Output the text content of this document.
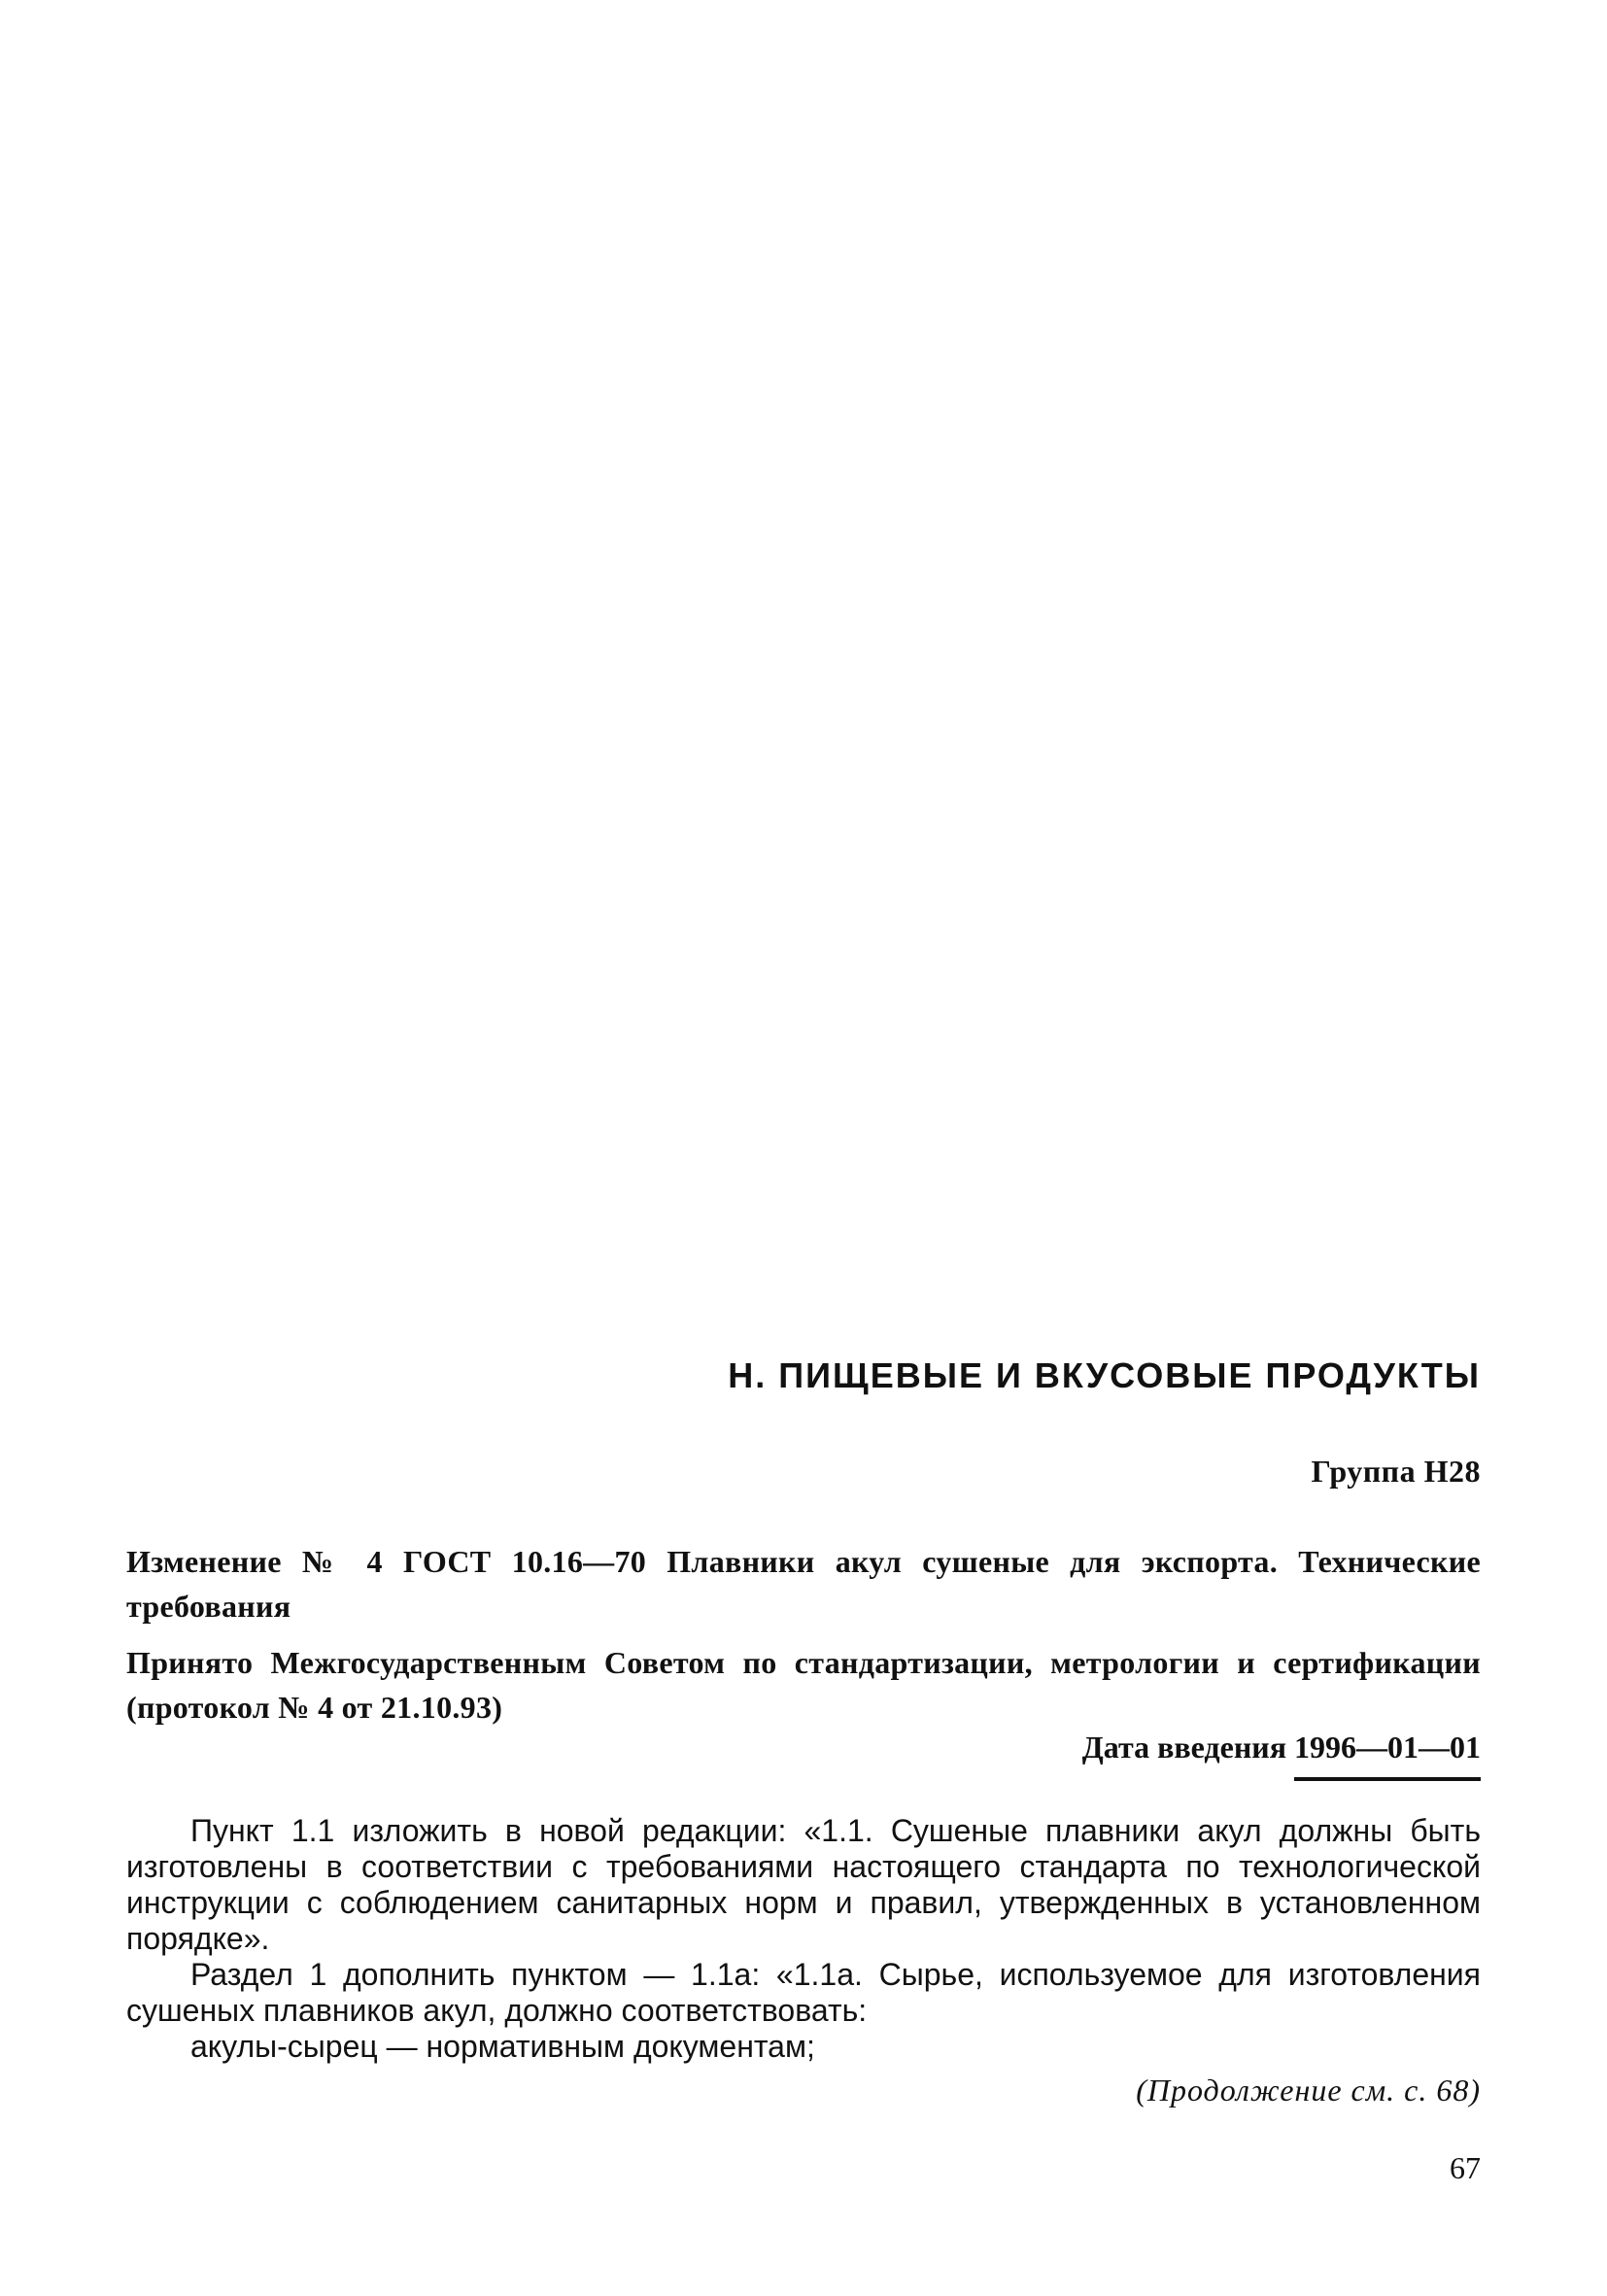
Н. ПИЩЕВЫЕ И ВКУСОВЫЕ ПРОДУКТЫ
Группа Н28
Изменение № 4 ГОСТ 10.16—70 Плавники акул сушеные для экспорта. Технические требования
Принято Межгосударственным Советом по стандартизации, метрологии и сертификации (протокол № 4 от 21.10.93)
Дата введения 1996—01—01

Пункт 1.1 изложить в новой редакции: «1.1. Сушеные плавники акул должны быть изготовлены в соответствии с требованиями настоящего стандарта по технологической инструкции с соблюдением санитарных норм и правил, утвержденных в установленном порядке».

Раздел 1 дополнить пунктом — 1.1а: «1.1а. Сырье, используемое для изготовления сушеных плавников акул, должно соответствовать:

акулы-сырец — нормативным документам;

(Продолжение см. с. 68)
67
